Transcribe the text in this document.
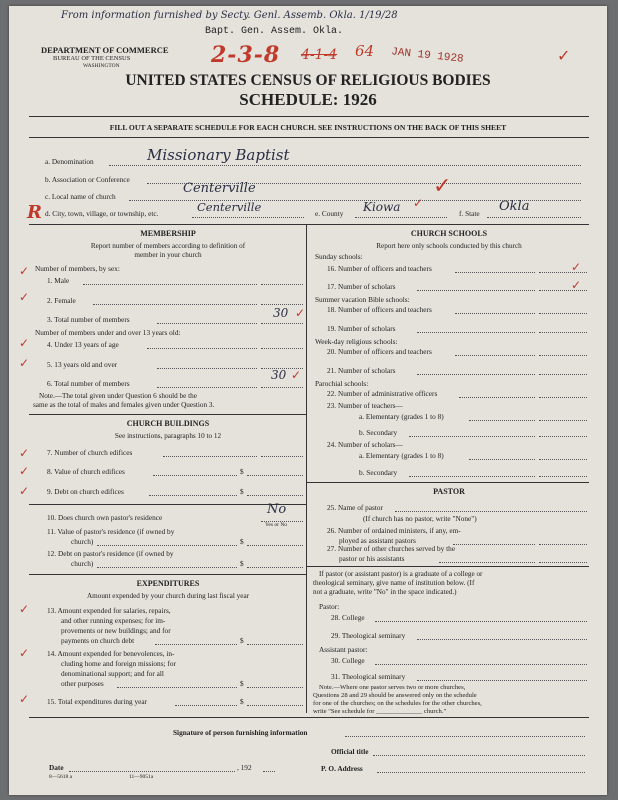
From information furnished by Secty. Genl. Assemb. Okla. 1/19/28
Bapt. Gen. Assem. Okla.
2-3-8 4-1-4 64 JAN 19 1928	✓
DEPARTMENT OF COMMERCE
BUREAU OF THE CENSUS
WASHINGTON
UNITED STATES CENSUS OF RELIGIOUS BODIES
SCHEDULE: 1926
FILL OUT A SEPARATE SCHEDULE FOR EACH CHURCH. SEE INSTRUCTIONS ON THE BACK OF THIS SHEET
a. Denomination	Missionary Baptist
b. Association or Conference
c. Local name of church
Centerville	✓
R d. City, town, village, or township, etc.	Centerville	e. County Kiowa ✓
f. State Okla
MEMBERSHIP
Report number of members according to definition of
member in your church
Number of members, by sex:
✓
1. Male
✓ 2. Female
3. Total number of members	30 ✓
Number of members under and over 13 years old:
✓ 4. Under 13 years of age
✓ 5. 13 years old and over
6. Total number of members
30 ✓
Note.—The total given under Question 6 should be the
same as the total of males and females given under Question 3.
CHURCH BUILDINGS
See instructions, paragraphs 10 to 12
✓ 7. Number of church edifices
✓ 8. Value of church edifices	$
✓ 9. Debt on church edifices	$
10. Does church own pastor's residence
No
Yes or No
11. Value of pastor's residence (if owned by
church)	$
12. Debt on pastor's residence (if owned by
church)	$
EXPENDITURES
Amount expended by your church during last fiscal year
✓ 13. Amount expended for salaries, repairs,
and other running expenses; for im-
provements or new buildings; and for
payments on church debt	$
✓ 14. Amount expended for benevolences, in-
cluding home and foreign missions; for
denominational support; and for all
other purposes	$
✓ 15. Total expenditures during year	$
CHURCH SCHOOLS
Report here only schools conducted by this church
Sunday schools:
16. Number of officers and teachers	✓
17. Number of scholars	✓
Summer vacation Bible schools:
18. Number of officers and teachers
19. Number of scholars
Week-day religious schools:
20. Number of officers and teachers
21. Number of scholars
Parochial schools:
22. Number of administrative officers
23. Number of teachers—
a. Elementary (grades 1 to 8)
b. Secondary
24. Number of scholars—
a. Elementary (grades 1 to 8)
b. Secondary
PASTOR
25. Name of pastor
(If church has no pastor, write "None")
26. Number of ordained ministers, if any, em-
ployed as assistant pastors
27. Number of other churches served by the
pastor or his assistants
If pastor (or assistant pastor) is a graduate of a college or
theological seminary, give name of institution below. (If
not a graduate, write "No" in the space indicated.)
Pastor:
28. College
29. Theological seminary
Assistant pastor:
30. College
31. Theological seminary
Note.—Where one pastor serves two or more churches,
Questions 28 and 29 should be answered only on the schedule
for one of the churches; on the schedules for the other churches,
write "See schedule for ______________ church."
Signature of person furnishing information
Official title
Date	, 192	P. O. Address
8—5618 a	11—9051a
